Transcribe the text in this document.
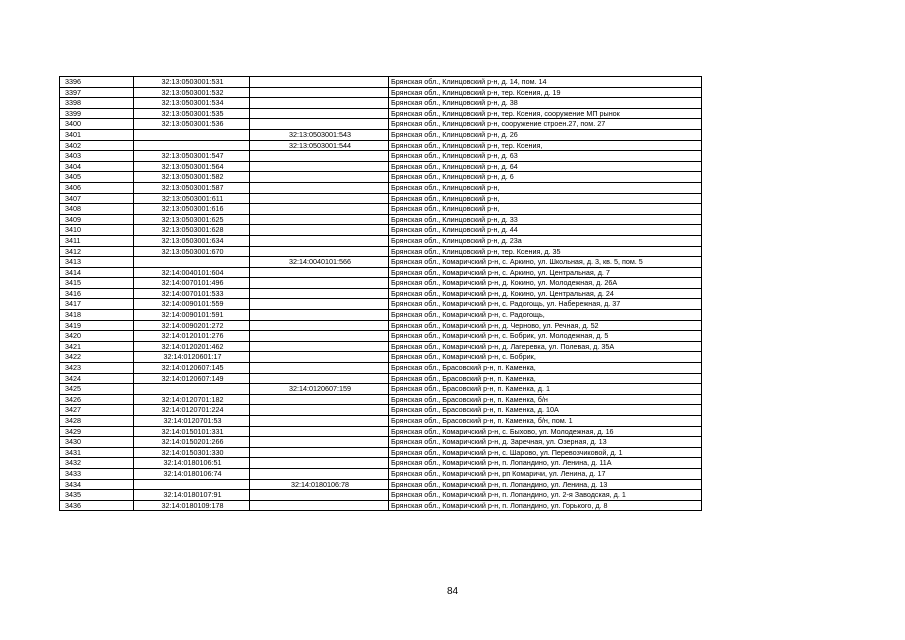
3396	32:13:0503001:531		Брянская обл., Клинцовский р-н, д. 14, пом. 14
3397	32:13:0503001:532		Брянская обл., Клинцовский р-н, тер. Ксения, д. 19
3398	32:13:0503001:534		Брянская обл., Клинцовский р-н, д. 38
3399	32:13:0503001:535		Брянская обл., Клинцовский р-н, тер. Ксения, сооружение МП рынок
3400	32:13:0503001:536		Брянская обл., Клинцовский р-н, сооружение строен.27, пом. 27
3401		32:13:0503001:543	Брянская обл., Клинцовский р-н, д. 26
3402		32:13:0503001:544	Брянская обл., Клинцовский р-н, тер. Ксения,
3403	32:13:0503001:547		Брянская обл., Клинцовский р-н, д. 63
3404	32:13:0503001:564		Брянская обл., Клинцовский р-н, д. 64
3405	32:13:0503001:582		Брянская обл., Клинцовский р-н, д. 6
3406	32:13:0503001:587		Брянская обл., Клинцовский р-н,
3407	32:13:0503001:611		Брянская обл., Клинцовский р-н,
3408	32:13:0503001:616		Брянская обл., Клинцовский р-н,
3409	32:13:0503001:625		Брянская обл., Клинцовский р-н, д. 33
3410	32:13:0503001:628		Брянская обл., Клинцовский р-н, д. 44
3411	32:13:0503001:634		Брянская обл., Клинцовский р-н, д. 23а
3412	32:13:0503001:670		Брянская обл., Клинцовский р-н, тер. Ксения, д. 35
3413		32:14:0040101:566	Брянская обл., Комаричский р-н, с. Аркино, ул. Школьная, д. 3, кв. 5, пом. 5
3414	32:14:0040101:604		Брянская обл., Комаричский р-н, с. Аркино, ул. Центральная, д. 7
3415	32:14:0070101:496		Брянская обл., Комаричский р-н, д. Кокино, ул. Молодежная, д. 26А
3416	32:14:0070101:533		Брянская обл., Комаричский р-н, д. Кокино, ул. Центральная, д. 24
3417	32:14:0090101:559		Брянская обл., Комаричский р-н, с. Радогощь, ул. Набережная, д. 37
3418	32:14:0090101:591		Брянская обл., Комаричский р-н, с. Радогощь,
3419	32:14:0090201:272		Брянская обл., Комаричский р-н, д. Черново, ул. Речная, д. 52
3420	32:14:0120101:276		Брянская обл., Комаричский р-н, с. Бобрик, ул. Молодежная, д. 5
3421	32:14:0120201:462		Брянская обл., Комаричский р-н, д. Лагеревка, ул. Полевая, д. 35А
3422	32:14:0120601:17		Брянская обл., Комаричский р-н, с. Бобрик,
3423	32:14:0120607:145		Брянская обл., Брасовский р-н, п. Каменка,
3424	32:14:0120607:149		Брянская обл., Брасовский р-н, п. Каменка,
3425		32:14:0120607:159	Брянская обл., Брасовский р-н, п. Каменка, д. 1
3426	32:14:0120701:182		Брянская обл., Брасовский р-н, п. Каменка, б/н
3427	32:14:0120701:224		Брянская обл., Брасовский р-н, п. Каменка, д. 10А
3428	32:14:0120701:53		Брянская обл., Брасовский р-н, п. Каменка, б/н, пом. 1
3429	32:14:0150101:331		Брянская обл., Комаричский р-н, с. Быхово, ул. Молодежная, д. 16
3430	32:14:0150201:266		Брянская обл., Комаричский р-н, д. Заречная, ул. Озерная, д. 13
3431	32:14:0150301:330		Брянская обл., Комаричский р-н, с. Шарово, ул. Перевозчиковой, д. 1
3432	32:14:0180106:51		Брянская обл., Комаричский р-н, п. Лопандино, ул. Ленина, д. 11А
3433	32:14:0180106:74		Брянская обл., Комаричский р-н, рп Комаричи, ул. Ленина, д. 17
3434		32:14:0180106:78	Брянская обл., Комаричский р-н, п. Лопандино, ул. Ленина, д. 13
3435	32:14:0180107:91		Брянская обл., Комаричский р-н, п. Лопандино, ул. 2-я Заводская, д. 1
3436	32:14:0180109:178		Брянская обл., Комаричский р-н, п. Лопандино, ул. Горького, д. 8
84
